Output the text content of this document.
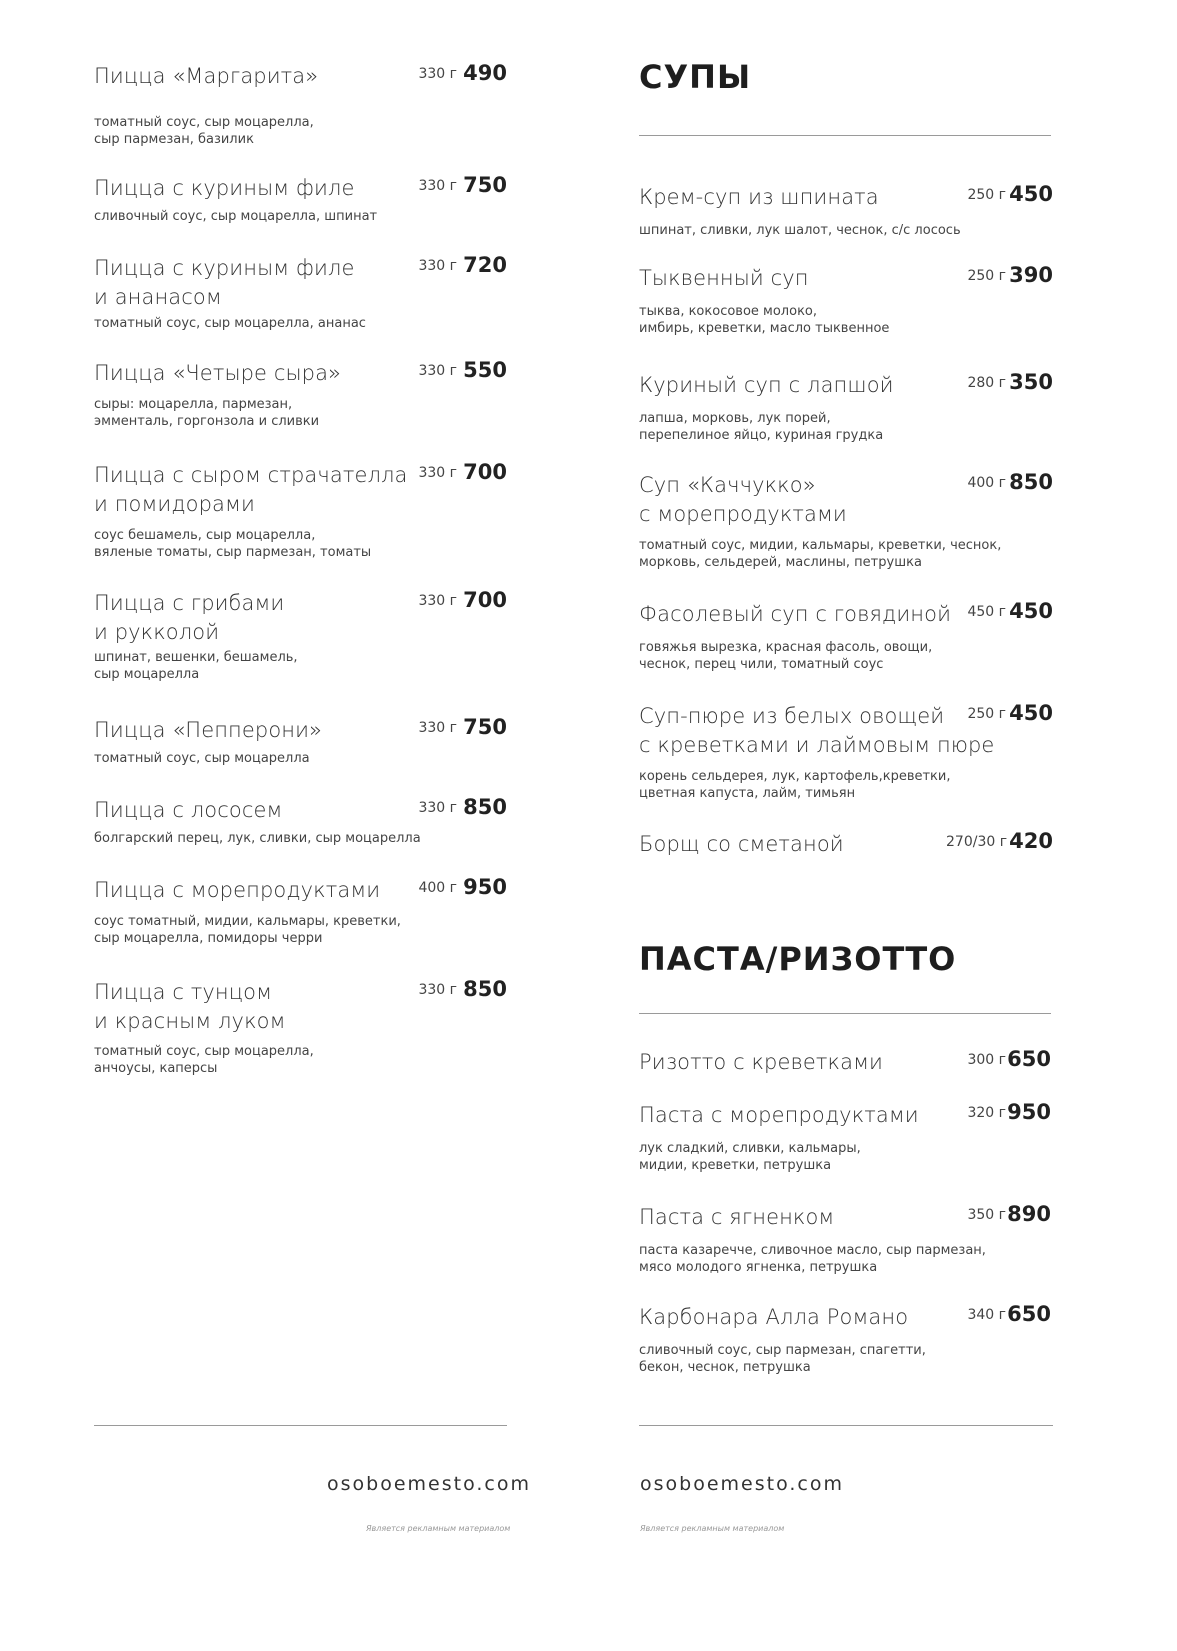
Пицца «Маргарита»	330 г 490
томатный соус, сыр моцарелла,
сыр пармезан, базилик
Пицца с куриным филе	330 г 750
сливочный соус, сыр моцарелла, шпинат
Пицца с куриным филе
и ананасом
330 г 720
томатный соус, сыр моцарелла, ананас
Пицца «Четыре сыра»	330 г 550
сыры: моцарелла, пармезан,
эмменталь, горгонзола и сливки
Пицца с сыром страчателла
и помидорами
330 г 700
соус бешамель, сыр моцарелла,
вяленые томаты, сыр пармезан, томаты
Пицца с грибами
и рукколой
330 г 700
шпинат, вешенки, бешамель,
сыр моцарелла
Пицца «Пепперони»	330 г 750
томатный соус, сыр моцарелла
Пицца с лососем	330 г 850
болгарский перец, лук, сливки, сыр моцарелла
Пицца с морепродуктами	400 г 950
соус томатный, мидии, кальмары, креветки,
сыр моцарелла, помидоры черри
Пицца с тунцом
и красным луком
330 г 850
томатный соус, сыр моцарелла,
анчоусы, каперсы
СУПЫ
Крем-суп из шпината	250 г 450
шпинат, сливки, лук шалот, чеснок, с/с лосось
Тыквенный суп	250 г 390
тыква, кокосовое молоко,
имбирь, креветки, масло тыквенное
Куриный суп с лапшой	280 г 350
лапша, морковь, лук порей,
перепелиное яйцо, куриная грудка
Суп «Каччукко»
с морепродуктами
400 г 850
томатный соус, мидии, кальмары, креветки, чеснок,
морковь, сельдерей, маслины, петрушка
Фасолевый суп с говядиной	450 г 450
говяжья вырезка, красная фасоль, овощи,
чеснок, перец чили, томатный соус
Суп-пюре из белых овощей
с креветками и лаймовым пюре
250 г 450
корень сельдерея, лук, картофель,креветки,
цветная капуста, лайм, тимьян
Борщ со сметаной	270/30 г 420
ПАСТА/РИЗОТТО
Ризотто с креветками	300 г 650
Паста с морепродуктами	320 г 950
лук сладкий, сливки, кальмары,
мидии, креветки, петрушка
Паста с ягненком	350 г 890
паста казаречче, сливочное масло, сыр пармезан,
мясо молодого ягненка, петрушка
Карбонара Алла Романо	340 г 650
сливочный соус, сыр пармезан, спагетти,
бекон, чеснок, петрушка
osoboemesto.com	osoboemesto.com
Является рекламным материалом	Является рекламным материалом
